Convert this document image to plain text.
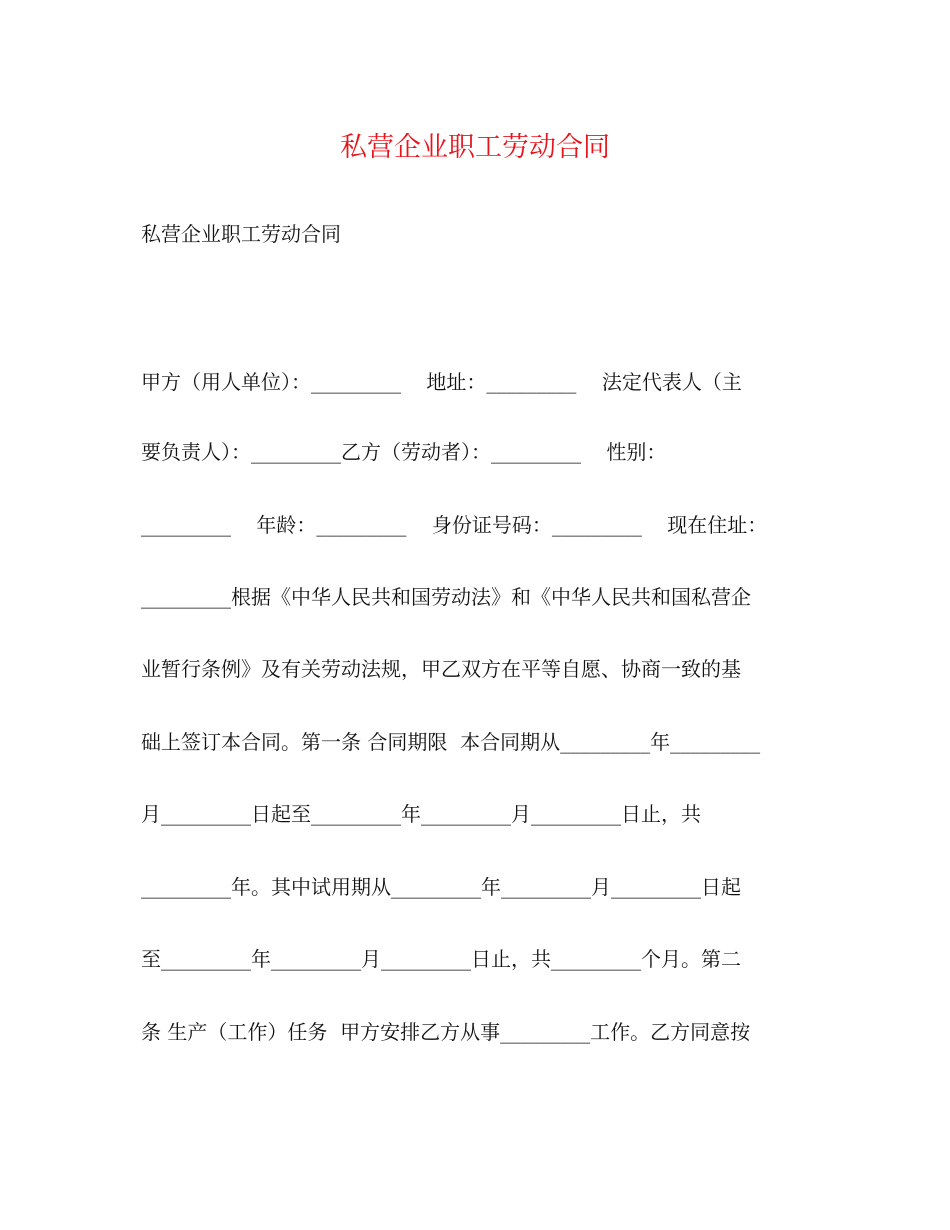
私营企业职工劳动合同
私营企业职工劳动合同
甲方（用人单位）：_________    地址：_________    法定代表人（主
要负责人）：_________乙方（劳动者）：_________    性别：
_________    年龄：_________    身份证号码：_________    现在住址：
_________根据《中华人民共和国劳动法》和《中华人民共和国私营企
业暂行条例》及有关劳动法规，甲乙双方在平等自愿、协商一致的基
础上签订本合同。第一条 合同期限  本合同期从_________年_________
月_________日起至_________年_________月_________日止，共
_________年。其中试用期从_________年_________月_________日起
至_________年_________月_________日止，共_________个月。第二
条 生产（工作）任务  甲方安排乙方从事_________工作。乙方同意按
